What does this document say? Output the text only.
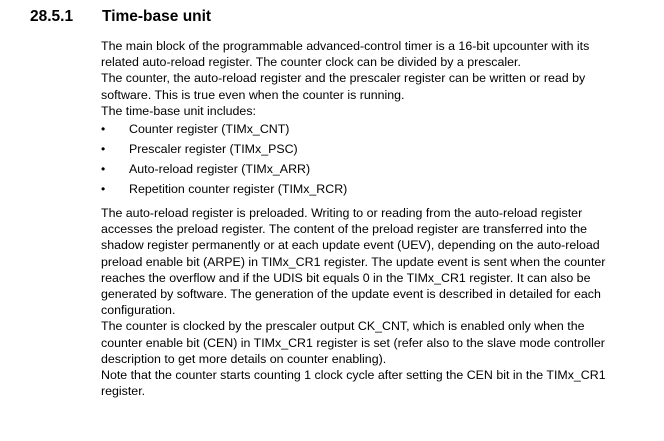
28.5.1	Time-base unit

The main block of the programmable advanced-control timer is a 16-bit upcounter with its
related auto-reload register. The counter clock can be divided by a prescaler.

The counter, the auto-reload register and the prescaler register can be written or read by
software. This is true even when the counter is running.

The time-base unit includes:

•	Counter register (TIMx_CNT)
•	Prescaler register (TIMx_PSC)
•	Auto-reload register (TIMx_ARR)
•	Repetition counter register (TIMx_RCR)

The auto-reload register is preloaded. Writing to or reading from the auto-reload register
accesses the preload register. The content of the preload register are transferred into the
shadow register permanently or at each update event (UEV), depending on the auto-reload
preload enable bit (ARPE) in TIMx_CR1 register. The update event is sent when the counter
reaches the overflow and if the UDIS bit equals 0 in the TIMx_CR1 register. It can also be
generated by software. The generation of the update event is described in detailed for each
configuration.

The counter is clocked by the prescaler output CK_CNT, which is enabled only when the
counter enable bit (CEN) in TIMx_CR1 register is set (refer also to the slave mode controller
description to get more details on counter enabling).

Note that the counter starts counting 1 clock cycle after setting the CEN bit in the TIMx_CR1
register.
